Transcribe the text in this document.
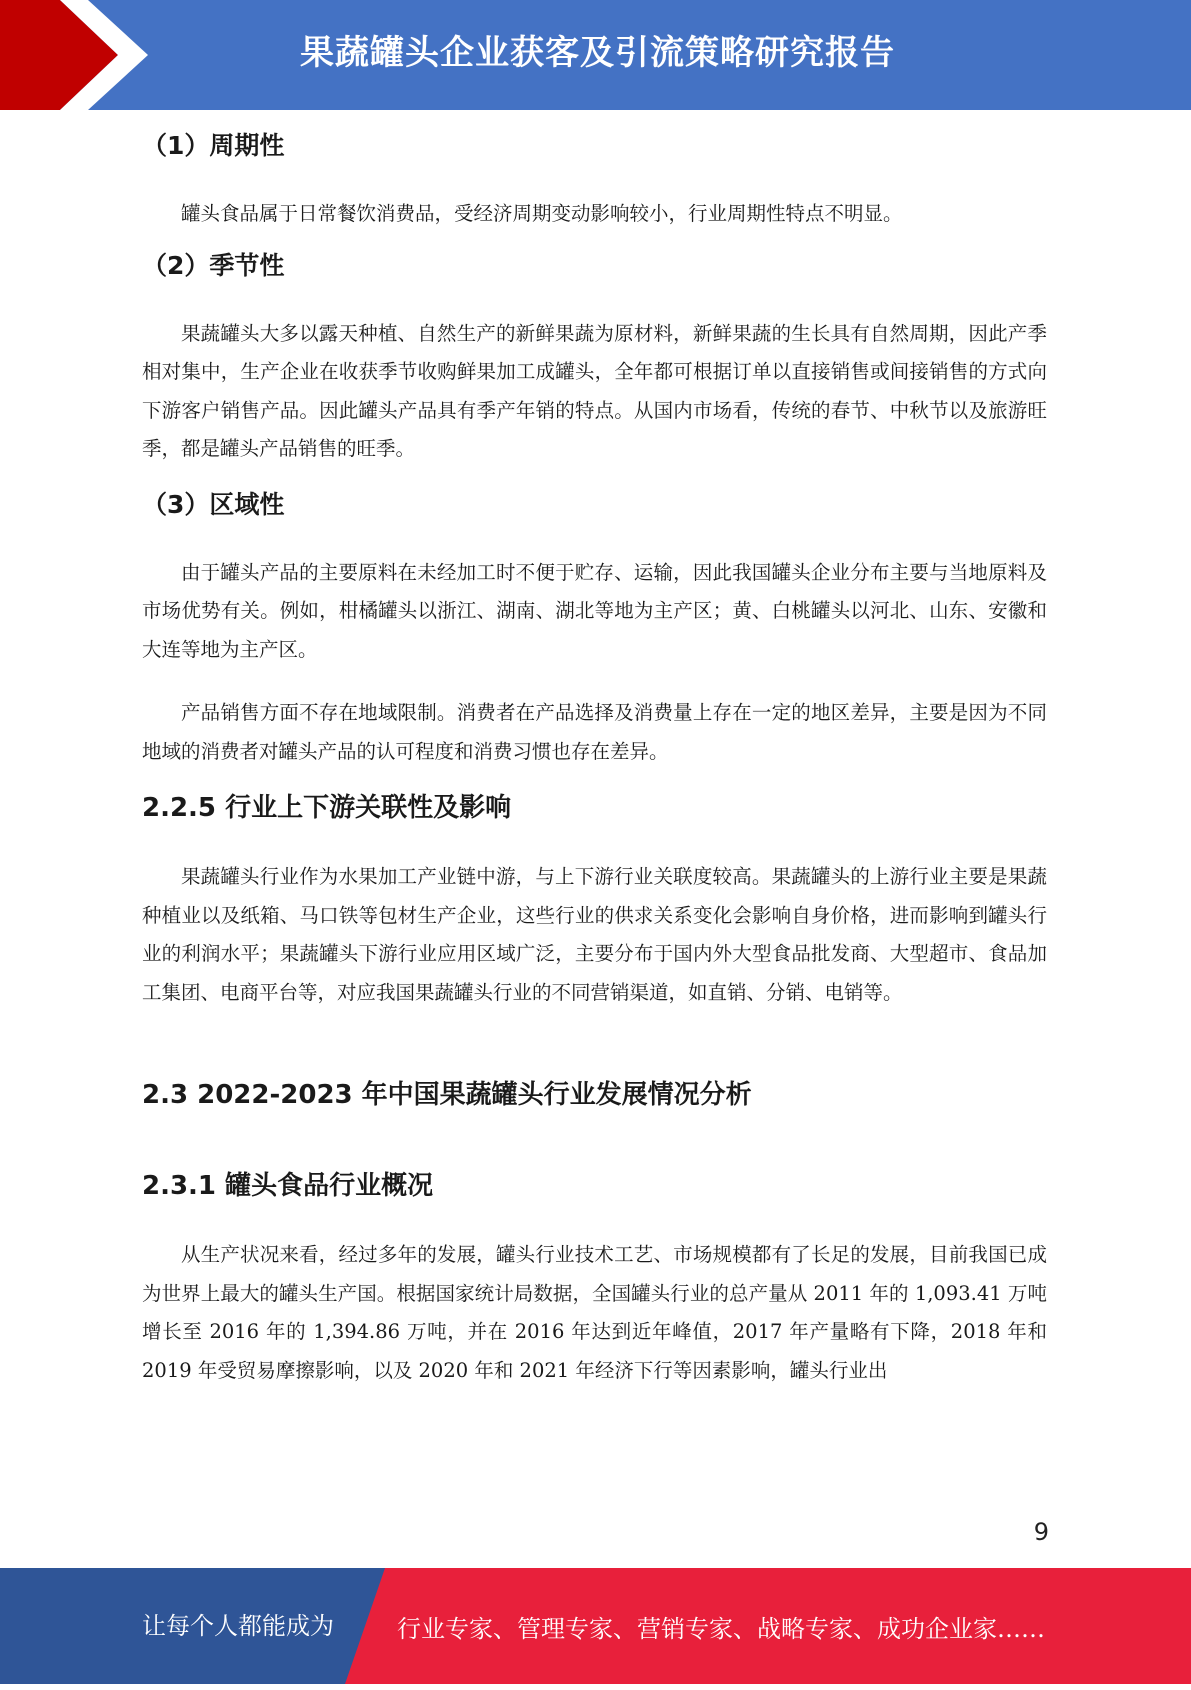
果蔬罐头企业获客及引流策略研究报告
（1）周期性

罐头食品属于日常餐饮消费品，受经济周期变动影响较小，行业周期性特点不明显。

（2）季节性

果蔬罐头大多以露天种植、自然生产的新鲜果蔬为原材料，新鲜果蔬的生长具有自然周期，因此产季相对集中，生产企业在收获季节收购鲜果加工成罐头，全年都可根据订单以直接销售或间接销售的方式向下游客户销售产品。因此罐头产品具有季产年销的特点。从国内市场看，传统的春节、中秋节以及旅游旺季，都是罐头产品销售的旺季。

（3）区域性

由于罐头产品的主要原料在未经加工时不便于贮存、运输，因此我国罐头企业分布主要与当地原料及市场优势有关。例如，柑橘罐头以浙江、湖南、湖北等地为主产区；黄、白桃罐头以河北、山东、安徽和大连等地为主产区。

产品销售方面不存在地域限制。消费者在产品选择及消费量上存在一定的地区差异，主要是因为不同地域的消费者对罐头产品的认可程度和消费习惯也存在差异。

2.2.5 行业上下游关联性及影响

果蔬罐头行业作为水果加工产业链中游，与上下游行业关联度较高。果蔬罐头的上游行业主要是果蔬种植业以及纸箱、马口铁等包材生产企业，这些行业的供求关系变化会影响自身价格，进而影响到罐头行业的利润水平；果蔬罐头下游行业应用区域广泛，主要分布于国内外大型食品批发商、大型超市、食品加工集团、电商平台等，对应我国果蔬罐头行业的不同营销渠道，如直销、分销、电销等。

2.3 2022-2023 年中国果蔬罐头行业发展情况分析
2.3.1 罐头食品行业概况

从生产状况来看，经过多年的发展，罐头行业技术工艺、市场规模都有了长足的发展，目前我国已成为世界上最大的罐头生产国。根据国家统计局数据，全国罐头行业的总产量从 2011 年的 1,093.41 万吨增长至 2016 年的 1,394.86 万吨，并在 2016 年达到近年峰值，2017 年产量略有下降，2018 年和 2019 年受贸易摩擦影响，以及 2020 年和 2021 年经济下行等因素影响，罐头行业出

9
让每个人都能成为	行业专家、管理专家、营销专家、战略专家、成功企业家……
